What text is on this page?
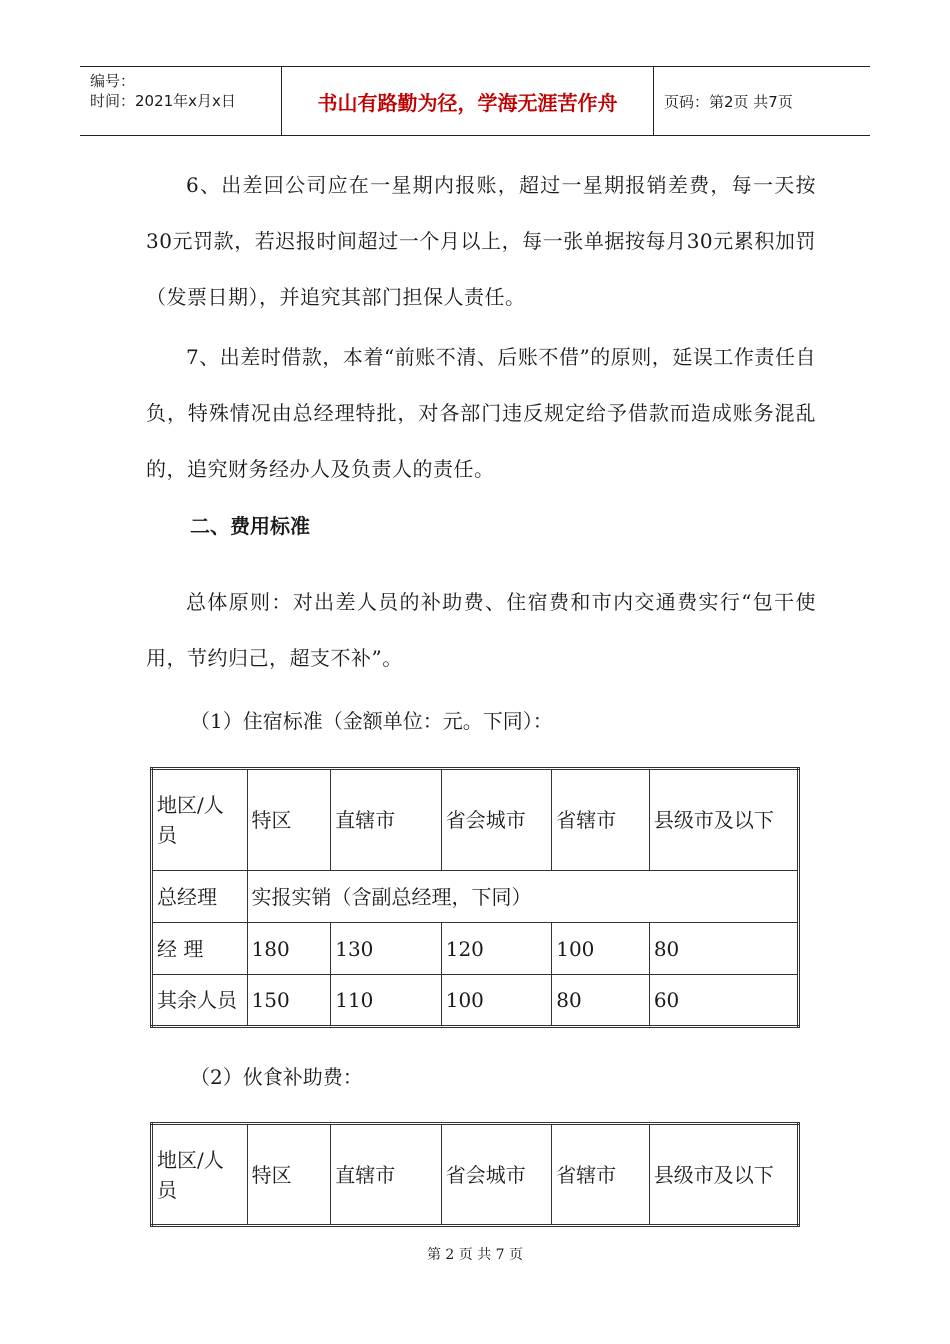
编号：
时间：2021年x月x日	书山有路勤为径，学海无涯苦作舟	页码：第2页 共7页

6、出差回公司应在一星期内报账，超过一星期报销差费，每一天按30元罚款，若迟报时间超过一个月以上，每一张单据按每月30元累积加罚（发票日期），并追究其部门担保人责任。

7、出差时借款，本着“前账不清、后账不借”的原则，延误工作责任自负，特殊情况由总经理特批，对各部门违反规定给予借款而造成账务混乱的，追究财务经办人及负责人的责任。

二、费用标准

总体原则：对出差人员的补助费、住宿费和市内交通费实行“包干使用，节约归己，超支不补”。

（1）住宿标准（金额单位：元。下同）：
地区/人员	特区	直辖市	省会城市	省辖市	县级市及以下
总经理	实报实销（含副总经理，下同）				
经 理	180	130	120	100	80
其余人员	150	110	100	80	60
（2）伙食补助费：
地区/人员	特区	直辖市	省会城市	省辖市	县级市及以下
第 2 页 共 7 页
